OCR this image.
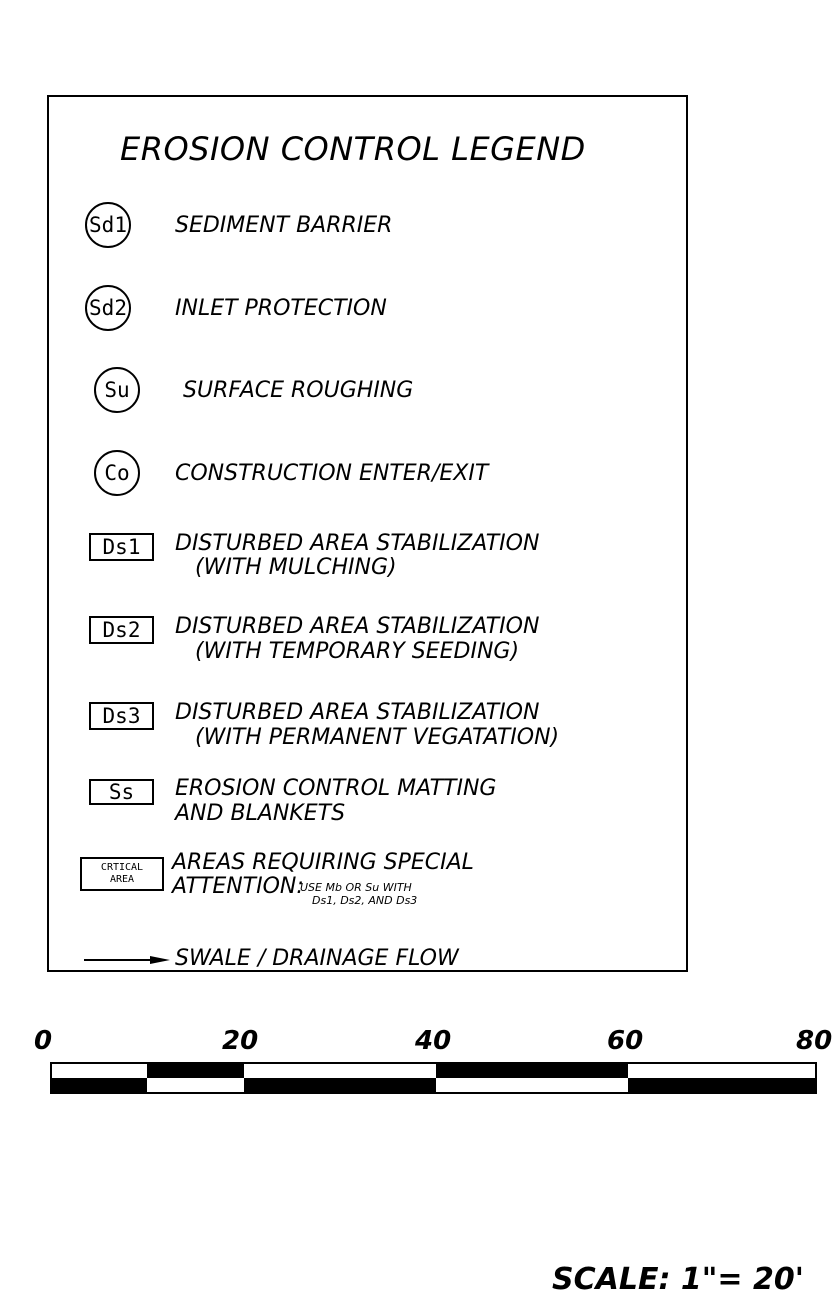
EROSION CONTROL LEGEND
Sd1 SEDIMENT BARRIER
Sd2 INLET PROTECTION
Su	SURFACE ROUGHING
Co	CONSTRUCTION ENTER/EXIT
Ds1	DISTURBED AREA STABILIZATION
(WITH MULCHING)
Ds2	DISTURBED AREA STABILIZATION
(WITH TEMPORARY SEEDING)
Ds3	DISTURBED AREA STABILIZATION
(WITH PERMANENT VEGATATION)
Ss	EROSION CONTROL MATTING
AND BLANKETS
CRTICAL
AREA
AREAS REQUIRING SPECIAL
ATTENTION:
USE Mb OR Su WITH
Ds1, Ds2, AND Ds3
SWALE / DRAINAGE FLOW
0	20	40	60	80
SCALE: 1"= 20'
